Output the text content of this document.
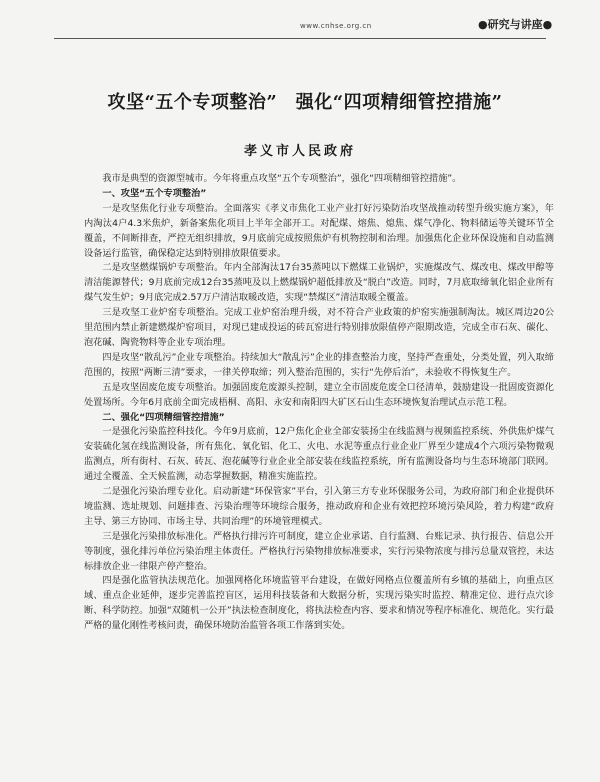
www.cnhse.org.cn	●研究与讲座●
攻坚“五个专项整治”　强化“四项精细管控措施”
孝义市人民政府

我市是典型的资源型城市。今年将重点攻坚“五个专项整治”，强化“四项精细管控措施”。

一、攻坚“五个专项整治”

一是攻坚焦化行业专项整治。全面落实《孝义市焦化工业产业打好污染防治攻坚战推动转型升级实施方案》，年内淘汰4户4.3米焦炉，新备案焦化项目上半年全部开工。对配煤、熔焦、熄焦、煤气净化、物料储运等关键环节全覆盖，不间断排查，严控无组织排放，9月底前完成按照焦炉有机物控制和治理。加强焦化企业环保设施和自动监测设备运行监管，确保稳定达到特别排放限值要求。

二是攻坚燃煤锅炉专项整治。年内全部淘汰17台35蒸吨以下燃煤工业锅炉，实施煤改气、煤改电、煤改甲醇等清洁能源替代；9月底前完成12台35蒸吨及以上燃煤锅炉超低排放及“脱白”改造。同时，7月底取缔氧化铝企业所有煤气发生炉；9月底完成2.57万户清洁取暖改造，实现“禁煤区”清洁取暖全覆盖。

三是攻坚工业炉窑专项整治。完成工业炉窑治理升级，对不符合产业政策的炉窑实施强制淘汰。城区周边20公里范围内禁止新建燃煤炉窑项目，对现已建成投运的砖瓦窑进行特别排放限值停产限期改造，完成全市石灰、碳化、泡花碱、陶瓷物料等企业专项治理。

四是攻坚“散乱污”企业专项整治。持续加大“散乱污”企业的排查整治力度，坚持严查重处，分类处置，列入取缔范围的，按照“两断三清”要求，一律关停取缔；列入整治范围的，实行“先停后治”，未验收不得恢复生产。

五是攻坚固废危废专项整治。加强固废危废源头控制，建立全市固废危废全口径清单，鼓励建设一批固废资源化处置场所。今年6月底前全面完成梧桐、高阳、永安和南阳四大矿区石山生态环境恢复治理试点示范工程。

二、强化“四项精细管控措施”

一是强化污染监控科技化。今年9月底前，12户焦化企业全部安装扬尘在线监测与视频监控系统、外供焦炉煤气安装硫化氢在线监测设备，所有焦化、氧化铝、化工、火电、水泥等重点行业企业厂界至少建成4个六项污染物微观监测点，所有街村、石灰、砖瓦、泡花碱等行业企业全部安装在线监控系统，所有监测设备均与生态环境部门联网。通过全覆盖、全天候监测，动态掌握数据，精准实施监控。

二是强化污染治理专业化。启动新建“环保管家”平台，引入第三方专业环保服务公司，为政府部门和企业提供环境监测、选址规划、问题排查、污染治理等环境综合服务，推动政府和企业有效把控环境污染风险，着力构建“政府主导、第三方协同、市场主导、共同治理”的环境管理模式。

三是强化污染排放标准化。严格执行排污许可制度，建立企业承诺、自行监测、台账记录、执行报告、信息公开等制度，强化排污单位污染治理主体责任。严格执行污染物排放标准要求，实行污染物浓度与排污总量双管控，未达标排放企业一律限产停产整治。

四是强化监管执法规范化。加强网格化环境监管平台建设，在做好网格点位覆盖所有乡镇的基础上，向重点区域、重点企业延伸，逐步完善监控盲区，运用科技装备和大数据分析，实现污染实时监控、精准定位、进行点穴诊断、科学防控。加强“双随机一公开”执法检查制度化，将执法检查内容、要求和情况等程序标准化、规范化。实行最严格的量化刚性考核问责，确保环境防治监管各项工作落到实处。
